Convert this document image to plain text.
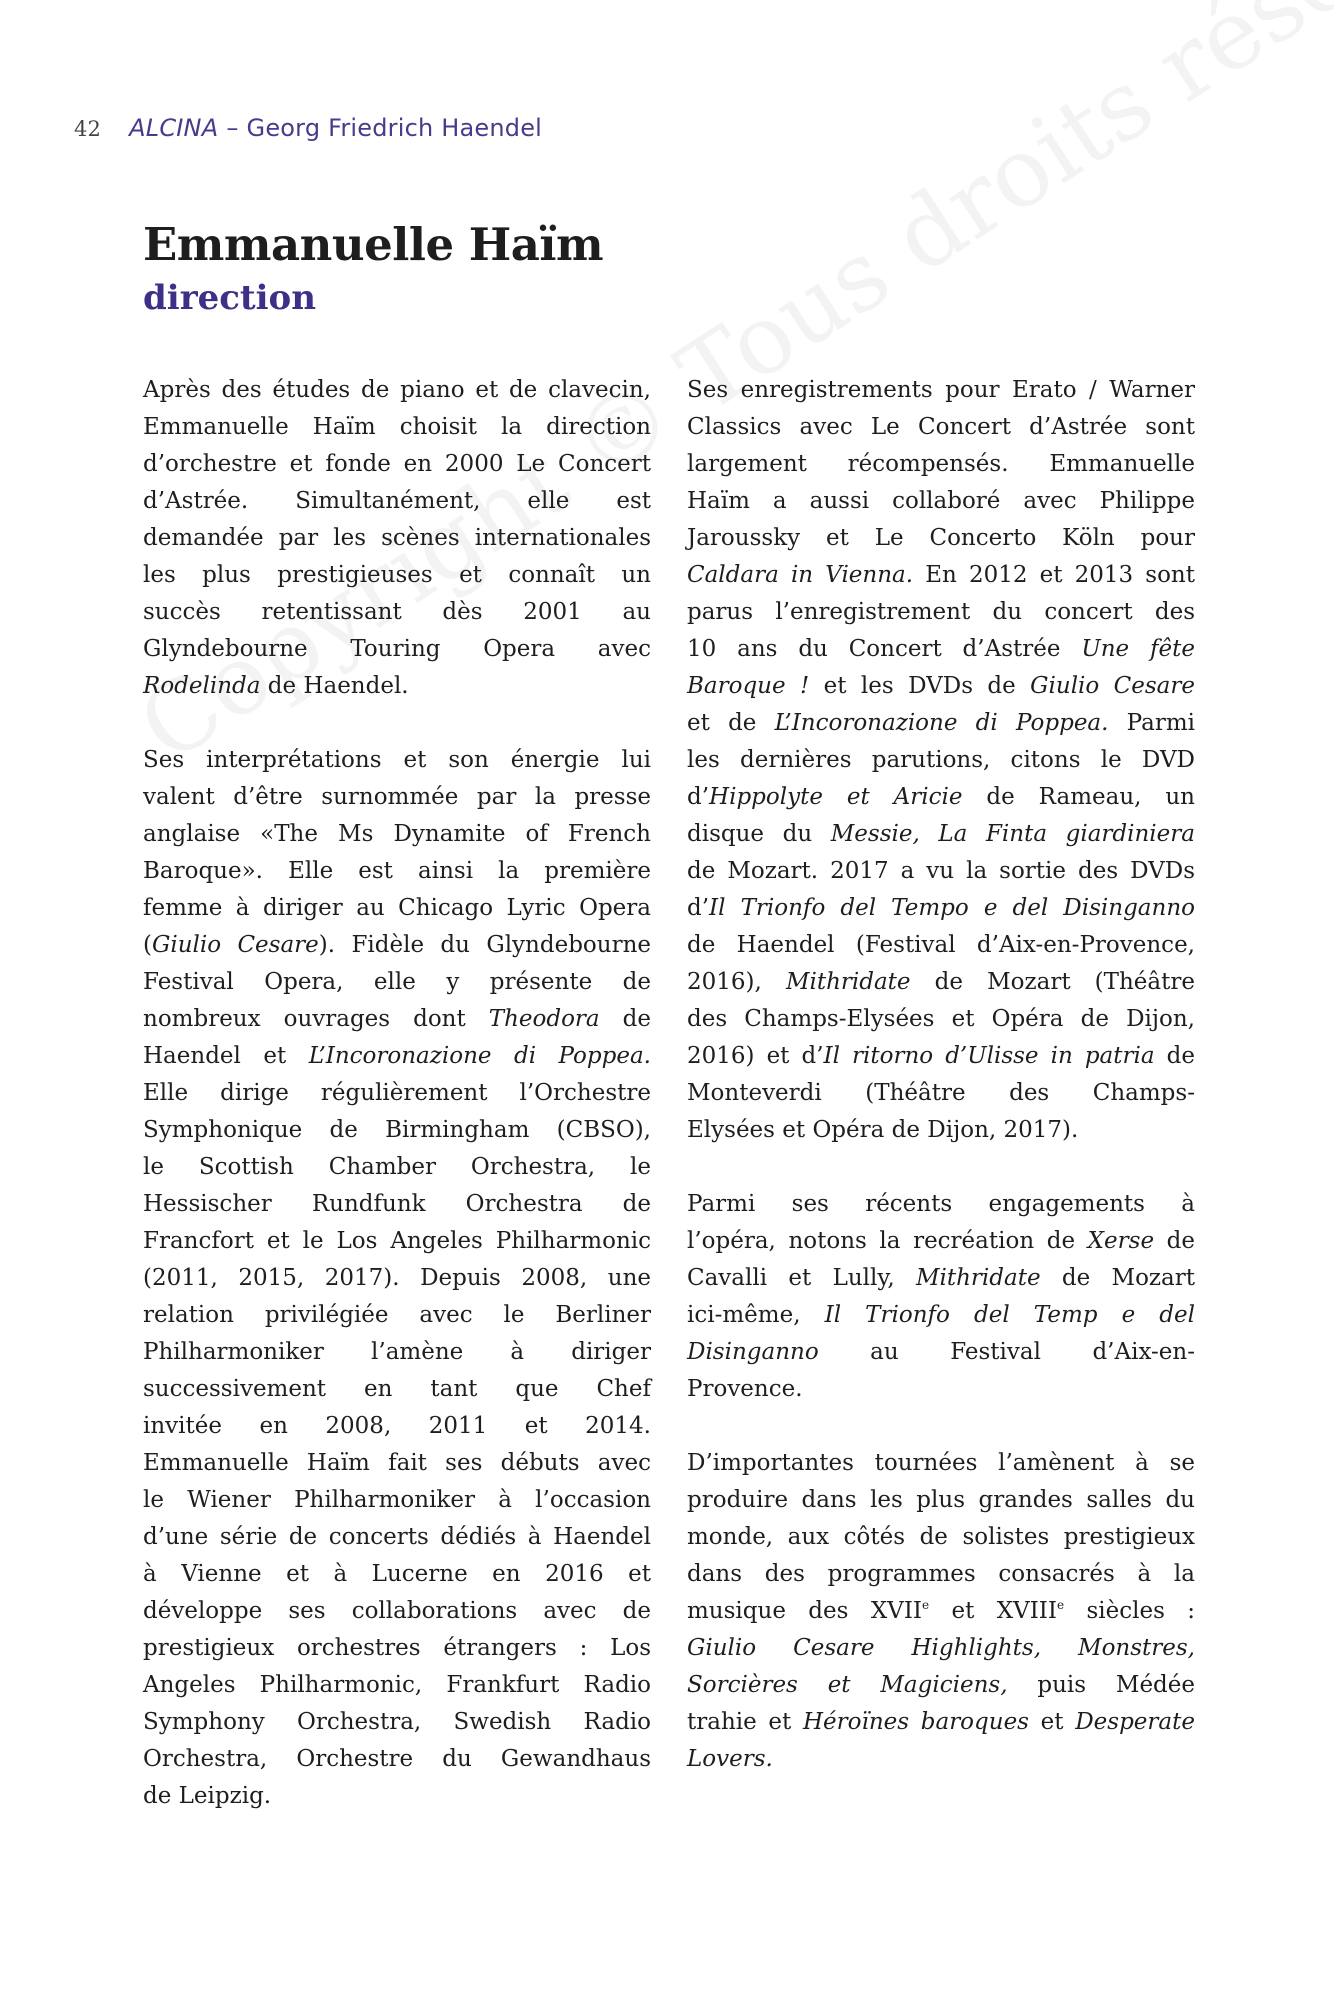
42 ALCINA – Georg Friedrich Haendel
Emmanuelle Haïm
direction
Après des études de piano et de clavecin,
Emmanuelle Haïm choisit la direction
d’orchestre et fonde en 2000 Le Concert
d’Astrée. Simultanément, elle est
demandée par les scènes internationales
les plus prestigieuses et connaît un
succès retentissant dès 2001 au
Glyndebourne Touring Opera avec
Rodelinda de Haendel.
Ses interprétations et son énergie lui
valent d’être surnommée par la presse
anglaise «The Ms Dynamite of French
Baroque». Elle est ainsi la première
femme à diriger au Chicago Lyric Opera
(Giulio Cesare). Fidèle du Glyndebourne
Festival Opera, elle y présente de
nombreux ouvrages dont Theodora de
Haendel et L’Incoronazione di Poppea.
Elle dirige régulièrement l’Orchestre
Symphonique de Birmingham (CBSO),
le Scottish Chamber Orchestra, le
Hessischer Rundfunk Orchestra de
Francfort et le Los Angeles Philharmonic
(2011, 2015, 2017). Depuis 2008, une
relation privilégiée avec le Berliner
Philharmoniker l’amène à diriger
successivement en tant que Chef
invitée en 2008, 2011 et 2014.
Emmanuelle Haïm fait ses débuts avec
le Wiener Philharmoniker à l’occasion
d’une série de concerts dédiés à Haendel
à Vienne et à Lucerne en 2016 et
développe ses collaborations avec de
prestigieux orchestres étrangers : Los
Angeles Philharmonic, Frankfurt Radio
Symphony Orchestra, Swedish Radio
Orchestra, Orchestre du Gewandhaus
de Leipzig.
Ses enregistrements pour Erato / Warner
Classics avec Le Concert d’Astrée sont
largement récompensés. Emmanuelle
Haïm a aussi collaboré avec Philippe
Jaroussky et Le Concerto Köln pour
Caldara in Vienna. En 2012 et 2013 sont
parus l’enregistrement du concert des
10 ans du Concert d’Astrée Une fête
Baroque ! et les DVDs de Giulio Cesare
et de L’Incoronazione di Poppea. Parmi
les dernières parutions, citons le DVD
d’Hippolyte et Aricie de Rameau, un
disque du Messie, La Finta giardiniera
de Mozart. 2017 a vu la sortie des DVDs
d’Il Trionfo del Tempo e del Disinganno
de Haendel (Festival d’Aix-en-Provence,
2016), Mithridate de Mozart (Théâtre
des Champs-Elysées et Opéra de Dijon,
2016) et d’Il ritorno d’Ulisse in patria de
Monteverdi (Théâtre des Champs-
Elysées et Opéra de Dijon, 2017).
Parmi ses récents engagements à
l’opéra, notons la recréation de Xerse de
Cavalli et Lully, Mithridate de Mozart
ici-même, Il Trionfo del Temp e del
Disinganno au Festival d’Aix-en-
Provence.
D’importantes tournées l’amènent à se
produire dans les plus grandes salles du
monde, aux côtés de solistes prestigieux
dans des programmes consacrés à la
musique des XVIIe et XVIIIe siècles :
Giulio Cesare Highlights, Monstres,
Sorcières et Magiciens, puis Médée
trahie et Héroïnes baroques et Desperate
Lovers.
